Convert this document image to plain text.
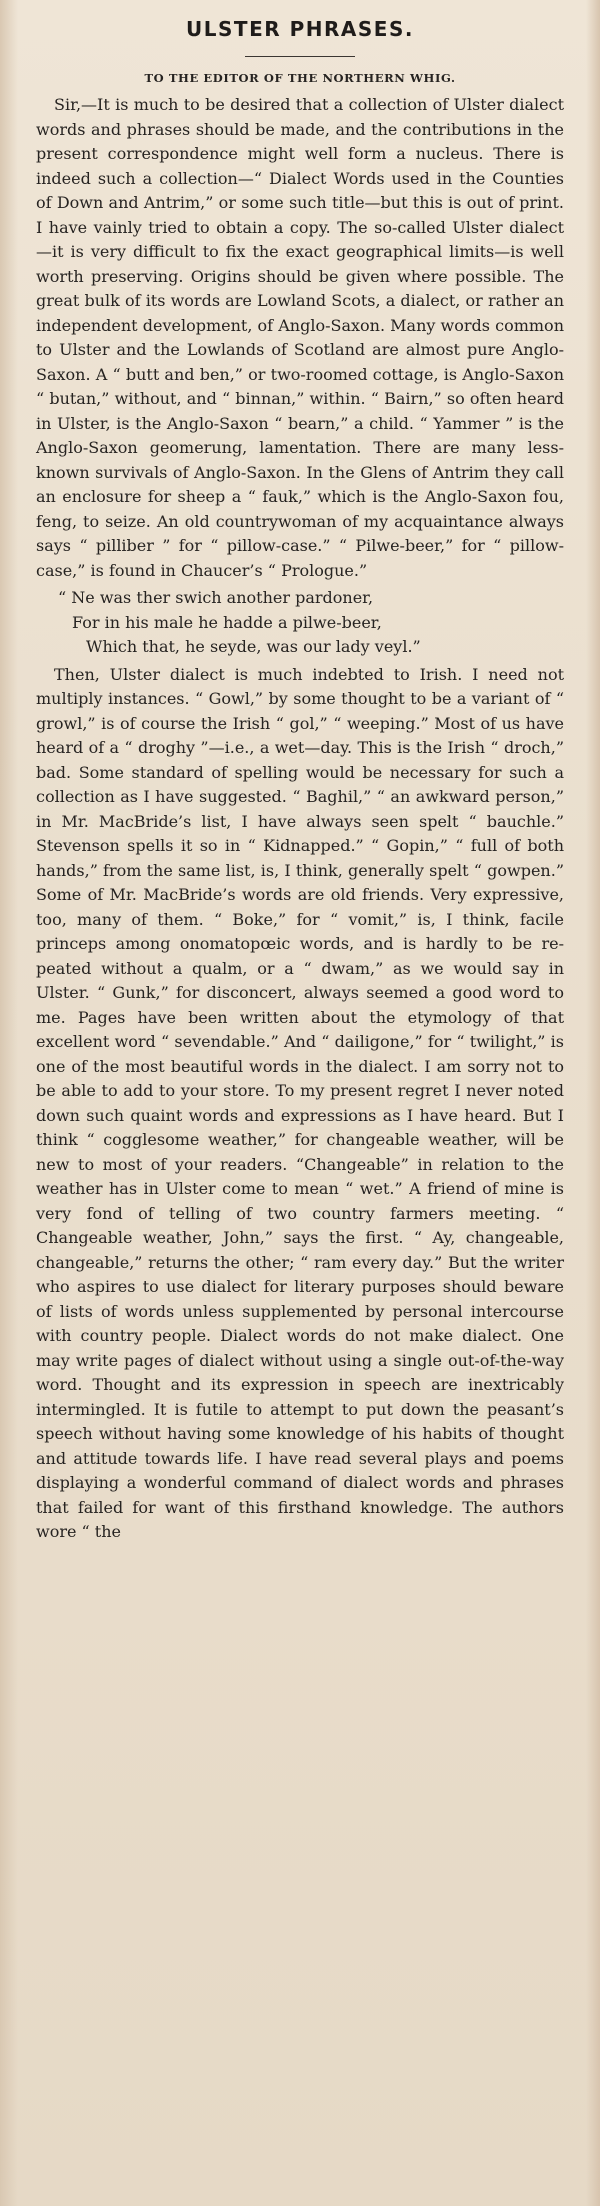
ULSTER PHRASES.
TO THE EDITOR OF THE NORTHERN WHIG.

Sir,—It is much to be desired that a collection of Ulster dialect words and phrases should be made, and the contributions in the present correspondence might well form a nucleus. There is indeed such a collection—“ Dialect Words used in the Counties of Down and Antrim,” or some such title—but this is out of print. I have vainly tried to obtain a copy. The so-called Ulster dialect—it is very difficult to fix the exact geographical limits—is well worth preserving. Origins should be given where possible. The great bulk of its words are Lowland Scots, a dialect, or rather an independent development, of Anglo-Saxon. Many words common to Ulster and the Lowlands of Scotland are almost pure Anglo-Saxon. A “ butt and ben,” or two-roomed cottage, is Anglo-Saxon “ butan,” without, and “ binnan,” within. “ Bairn,” so often heard in Ulster, is the Anglo-Saxon “ bearn,” a child. “ Yammer ” is the Anglo-Saxon geomerung, lamentation. There are many less-known survivals of Anglo-Saxon. In the Glens of Antrim they call an enclosure for sheep a “ fauk,” which is the Anglo-Saxon fou, feng, to seize. An old countrywoman of my acquaintance always says “ pilliber ” for “ pillow-case.” “ Pilwe-beer,” for “ pillowcase,” is found in Chaucer’s “ Prologue.”

“ Ne was ther swich another pardoner,
For in his male he hadde a pilwe-beer,
Which that, he seyde, was our lady veyl.”

Then, Ulster dialect is much indebted to Irish. I need not multiply instances. “ Gowl,” by some thought to be a variant of “ growl,” is of course the Irish “ gol,” “ weeping.” Most of us have heard of a “ droghy ”—i.e., a wet—day. This is the Irish “ droch,” bad. Some standard of spelling would be necessary for such a collection as I have suggested. “ Baghil,” “ an awkward person,” in Mr. MacBride’s list, I have always seen spelt “ bauchle.” Stevenson spells it so in “ Kidnapped.” “ Gopin,” “ full of both hands,” from the same list, is, I think, generally spelt “ gowpen.” Some of Mr. MacBride’s words are old friends. Very expressive, too, many of them. “ Boke,” for “ vomit,” is, I think, facile princeps among onomatopœic words, and is hardly to be repeated without a qualm, or a “ dwam,” as we would say in Ulster. “ Gunk,” for disconcert, always seemed a good word to me. Pages have been written about the etymology of that excellent word “ sevendable.” And “ dailigone,” for “ twilight,” is one of the most beautiful words in the dialect. I am sorry not to be able to add to your store. To my present regret I never noted down such quaint words and expressions as I have heard. But I think “ cogglesome weather,” for changeable weather, will be new to most of your readers. “Changeable” in relation to the weather has in Ulster come to mean “ wet.” A friend of mine is very fond of telling of two country farmers meeting. “ Changeable weather, John,” says the first. “ Ay, changeable, changeable,” returns the other; “ ram every day.” But the writer who aspires to use dialect for literary purposes should beware of lists of words unless supplemented by personal intercourse with country people. Dialect words do not make dialect. One may write pages of dialect without using a single out-of-the-way word. Thought and its expression in speech are inextricably intermingled. It is futile to attempt to put down the peasant’s speech without having some knowledge of his habits of thought and attitude towards life. I have read several plays and poems displaying a wonderful command of dialect words and phrases that failed for want of this firsthand knowledge. The authors wore “ the
